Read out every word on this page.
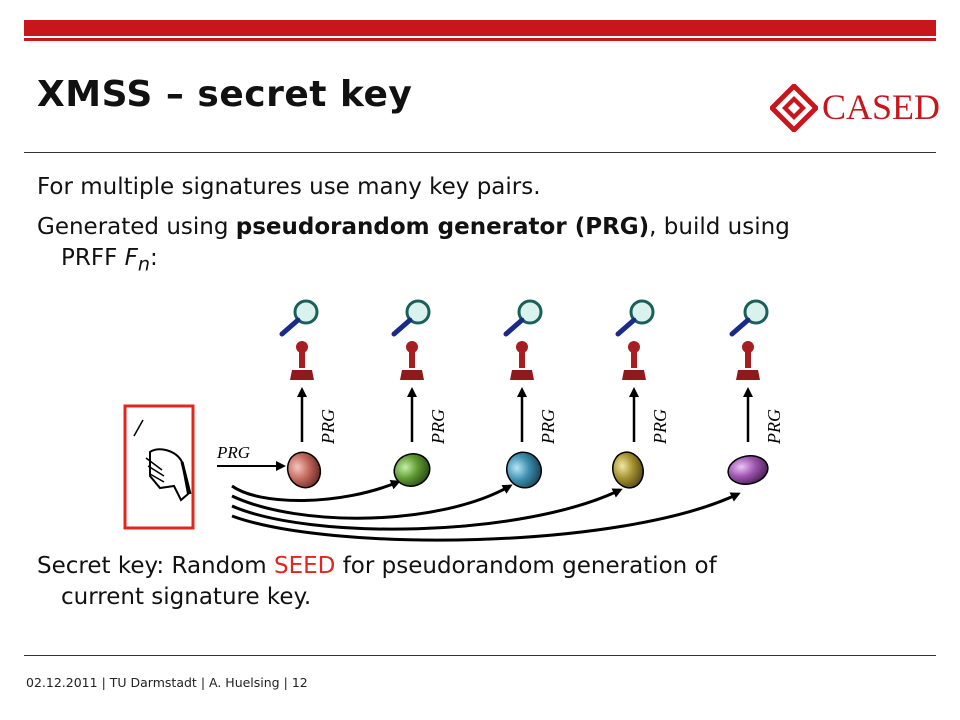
XMSS – secret key	CASED
For multiple signatures use many key pairs.
Generated using pseudorandom generator (PRG), build using
PRFF $F_n$:
PRG
PRG	PRG	PRG	PRG	PRG
Secret key: Random SEED for pseudorandom generation of
current signature key.
02.12.2011 | TU Darmstadt | A. Huelsing | 12
